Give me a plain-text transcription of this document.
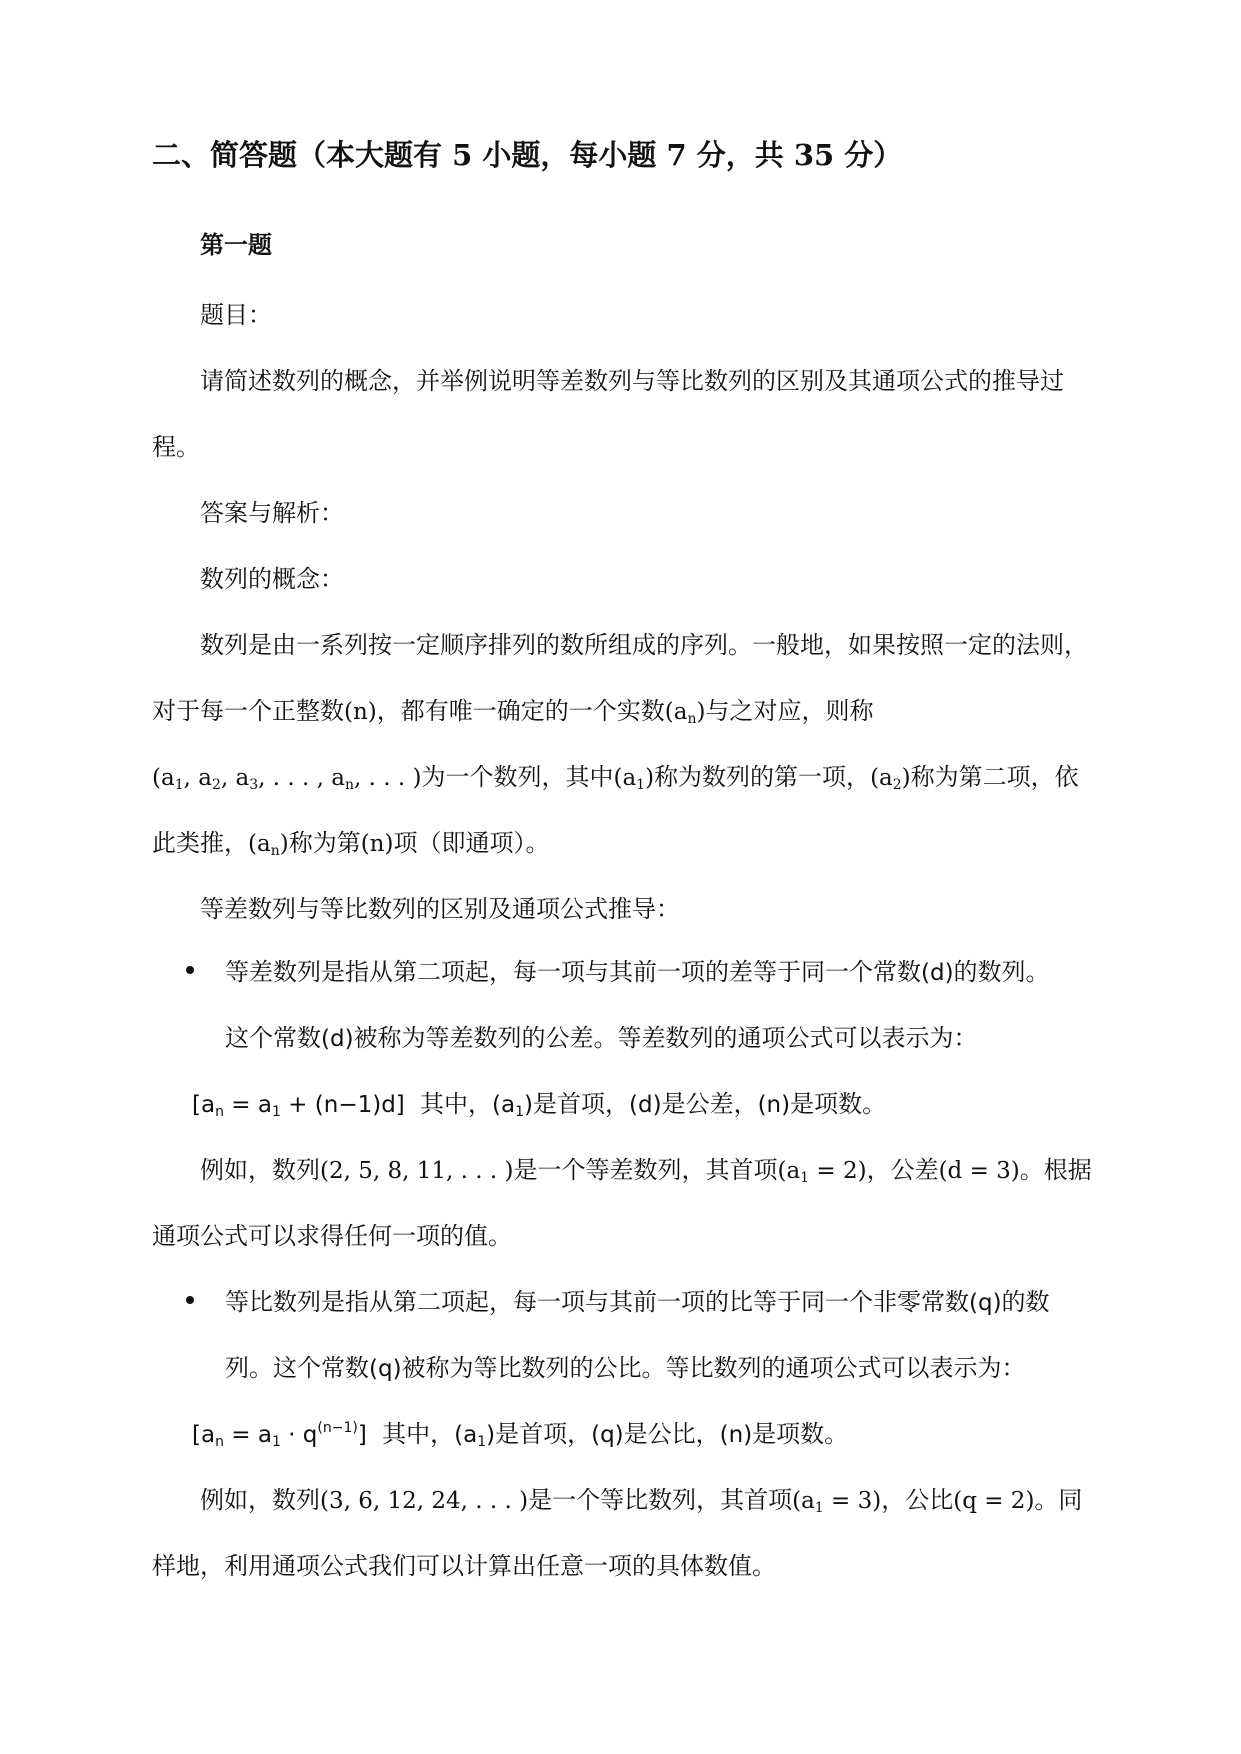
二、简答题（本大题有 5 小题，每小题 7 分，共 35 分）
第一题
题目：
请简述数列的概念，并举例说明等差数列与等比数列的区别及其通项公式的推导过
程。
答案与解析：
数列的概念：
数列是由一系列按一定顺序排列的数所组成的序列。一般地，如果按照一定的法则，
对于每一个正整数(n)，都有唯一确定的一个实数$(a_n)$与之对应，则称
($a_1$, $a_2$, $a_3$, . . . , $a_n$, . . . )为一个数列，其中$(a_1)$称为数列的第一项，$(a_2)$称为第二项，依
此类推，$(a_n)$称为第(n)项（即通项）。
等差数列与等比数列的区别及通项公式推导：
等差数列是指从第二项起，每一项与其前一项的差等于同一个常数(d)的数列。
这个常数(d)被称为等差数列的公差。等差数列的通项公式可以表示为：
$[a_n = a_1 + (n-1)d]$ 其中，$(a_1)$是首项，(d)是公差，(n)是项数。
例如，数列(2, 5, 8, 11, . . . )是一个等差数列，其首项$(a_1 = 2)$，公差(d = 3)。根据
通项公式可以求得任何一项的值。
等比数列是指从第二项起，每一项与其前一项的比等于同一个非零常数(q)的数
列。这个常数(q)被称为等比数列的公比。等比数列的通项公式可以表示为：
$[a_n = a_1 \cdot q^{(n-1)}]$ 其中，$(a_1)$是首项，(q)是公比，(n)是项数。
例如，数列(3, 6, 12, 24, . . . )是一个等比数列，其首项$(a_1 = 3)$，公比(q = 2)。同
样地，利用通项公式我们可以计算出任意一项的具体数值。
